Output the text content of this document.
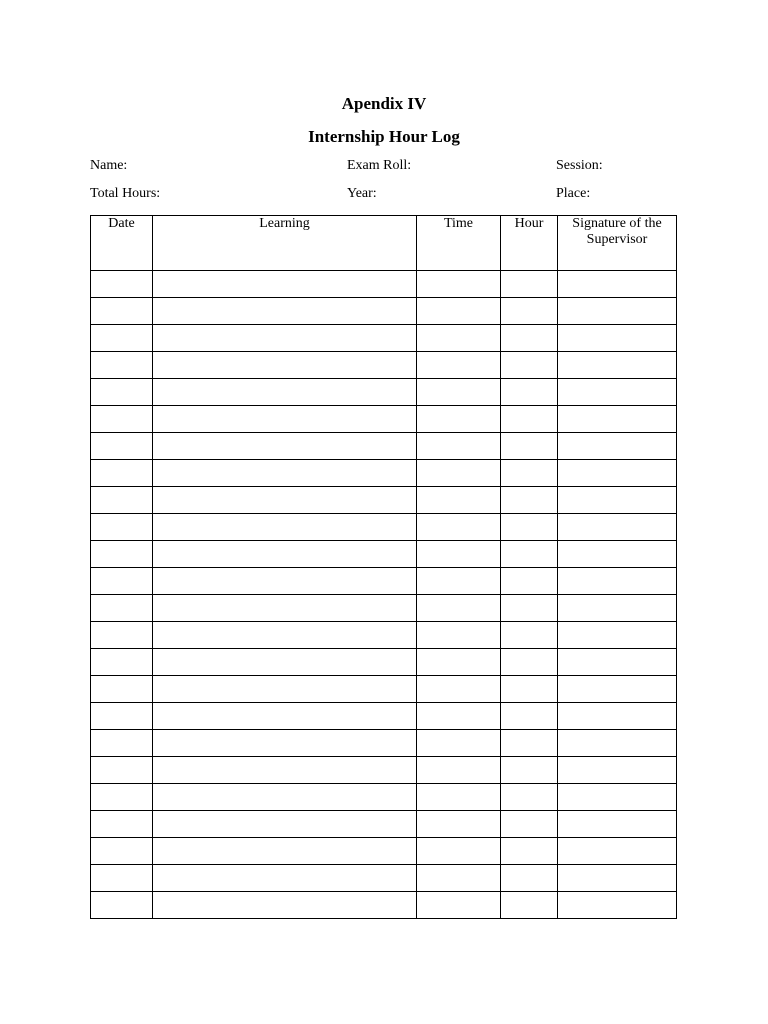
Apendix IV
Internship Hour Log
Name:	Exam Roll:	Session:
Total Hours:	Year:	Place:
Date	Learning	Time	Hour	Signature of the Supervisor
